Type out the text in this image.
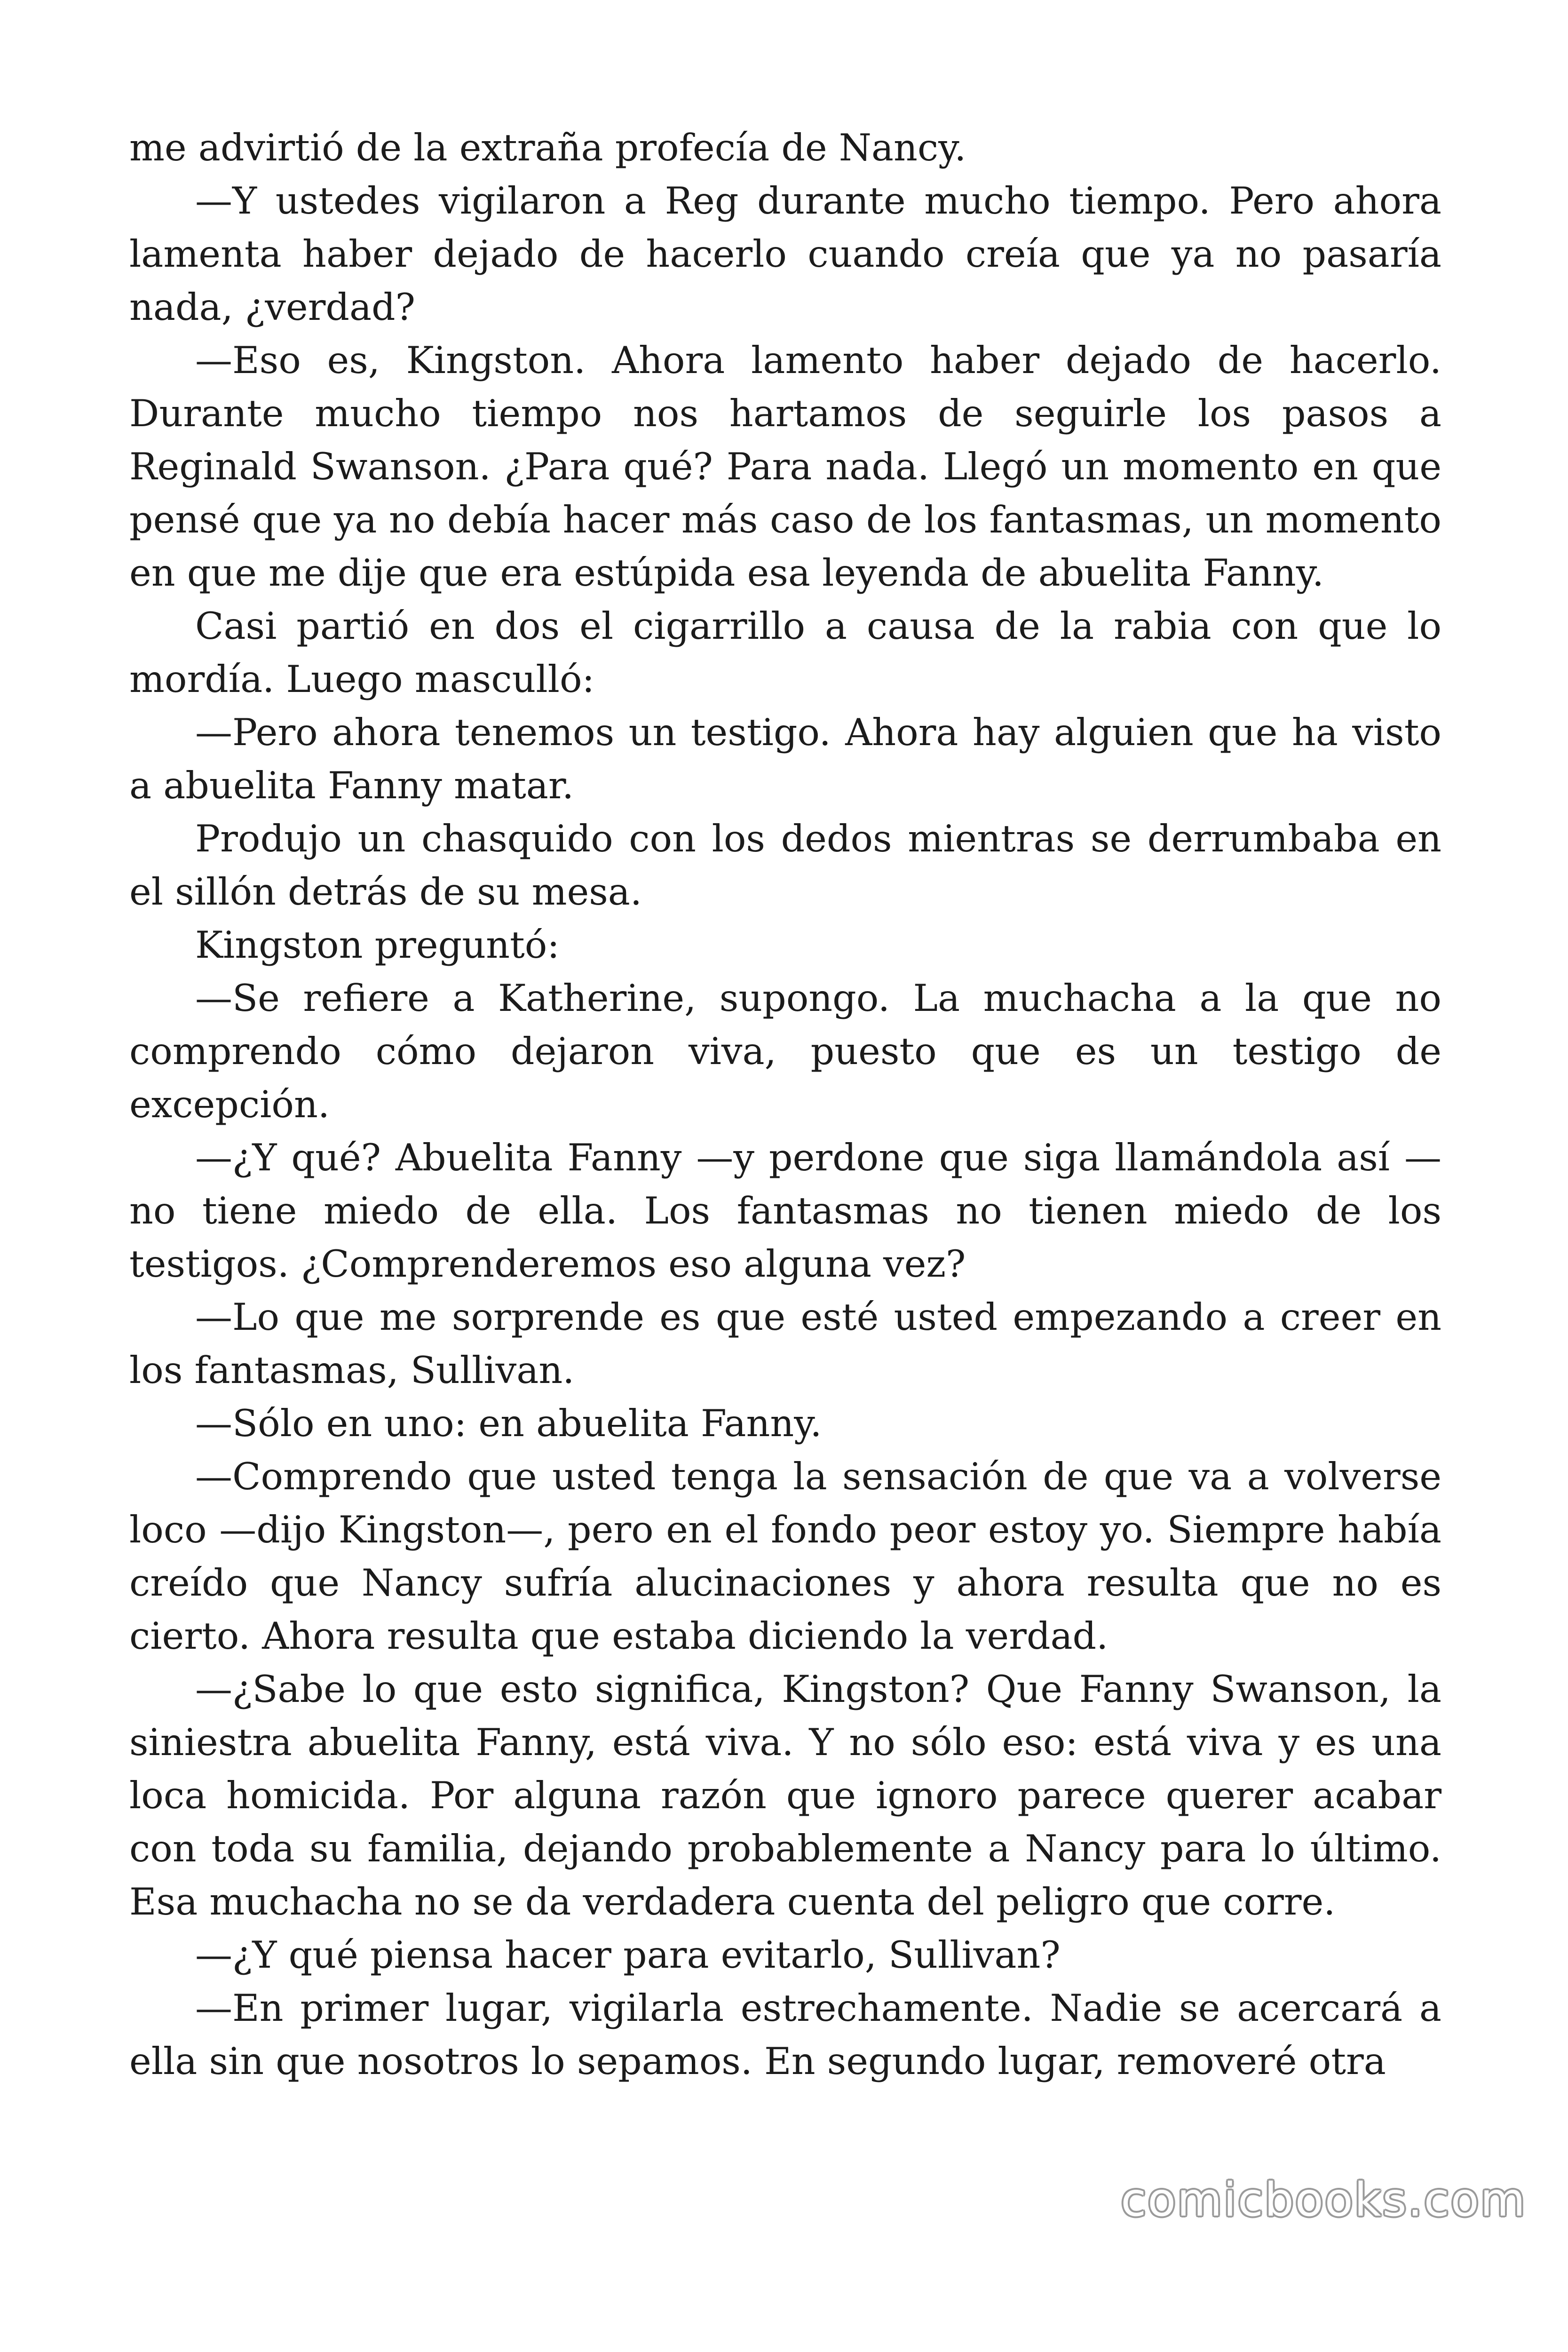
me advirtió de la extraña profecía de Nancy.

—Y ustedes vigilaron a Reg durante mucho tiempo. Pero ahora lamenta haber dejado de hacerlo cuando creía que ya no pasaría nada, ¿verdad?

—Eso es, Kingston. Ahora lamento haber dejado de hacerlo. Durante mucho tiempo nos hartamos de seguirle los pasos a Reginald Swanson. ¿Para qué? Para nada. Llegó un momento en que pensé que ya no debía hacer más caso de los fantasmas, un momento en que me dije que era estúpida esa leyenda de abuelita Fanny.

Casi partió en dos el cigarrillo a causa de la rabia con que lo mordía. Luego masculló:

—Pero ahora tenemos un testigo. Ahora hay alguien que ha visto a abuelita Fanny matar.

Produjo un chasquido con los dedos mientras se derrumbaba en el sillón detrás de su mesa.

Kingston preguntó:

—Se refiere a Katherine, supongo. La muchacha a la que no comprendo cómo dejaron viva, puesto que es un testigo de excepción.

—¿Y qué? Abuelita Fanny —y perdone que siga llamándola así — no tiene miedo de ella. Los fantasmas no tienen miedo de los testigos. ¿Comprenderemos eso alguna vez?

—Lo que me sorprende es que esté usted empezando a creer en los fantasmas, Sullivan.

—Sólo en uno: en abuelita Fanny.

—Comprendo que usted tenga la sensación de que va a volverse loco —dijo Kingston—, pero en el fondo peor estoy yo. Siempre había creído que Nancy sufría alucinaciones y ahora resulta que no es cierto. Ahora resulta que estaba diciendo la verdad.

—¿Sabe lo que esto significa, Kingston? Que Fanny Swanson, la siniestra abuelita Fanny, está viva. Y no sólo eso: está viva y es una loca homicida. Por alguna razón que ignoro parece querer acabar con toda su familia, dejando probablemente a Nancy para lo último. Esa muchacha no se da verdadera cuenta del peligro que corre.

—¿Y qué piensa hacer para evitarlo, Sullivan?

—En primer lugar, vigilarla estrechamente. Nadie se acercará a ella sin que nosotros lo sepamos. En segundo lugar, removeré otra

comicbooks.com
